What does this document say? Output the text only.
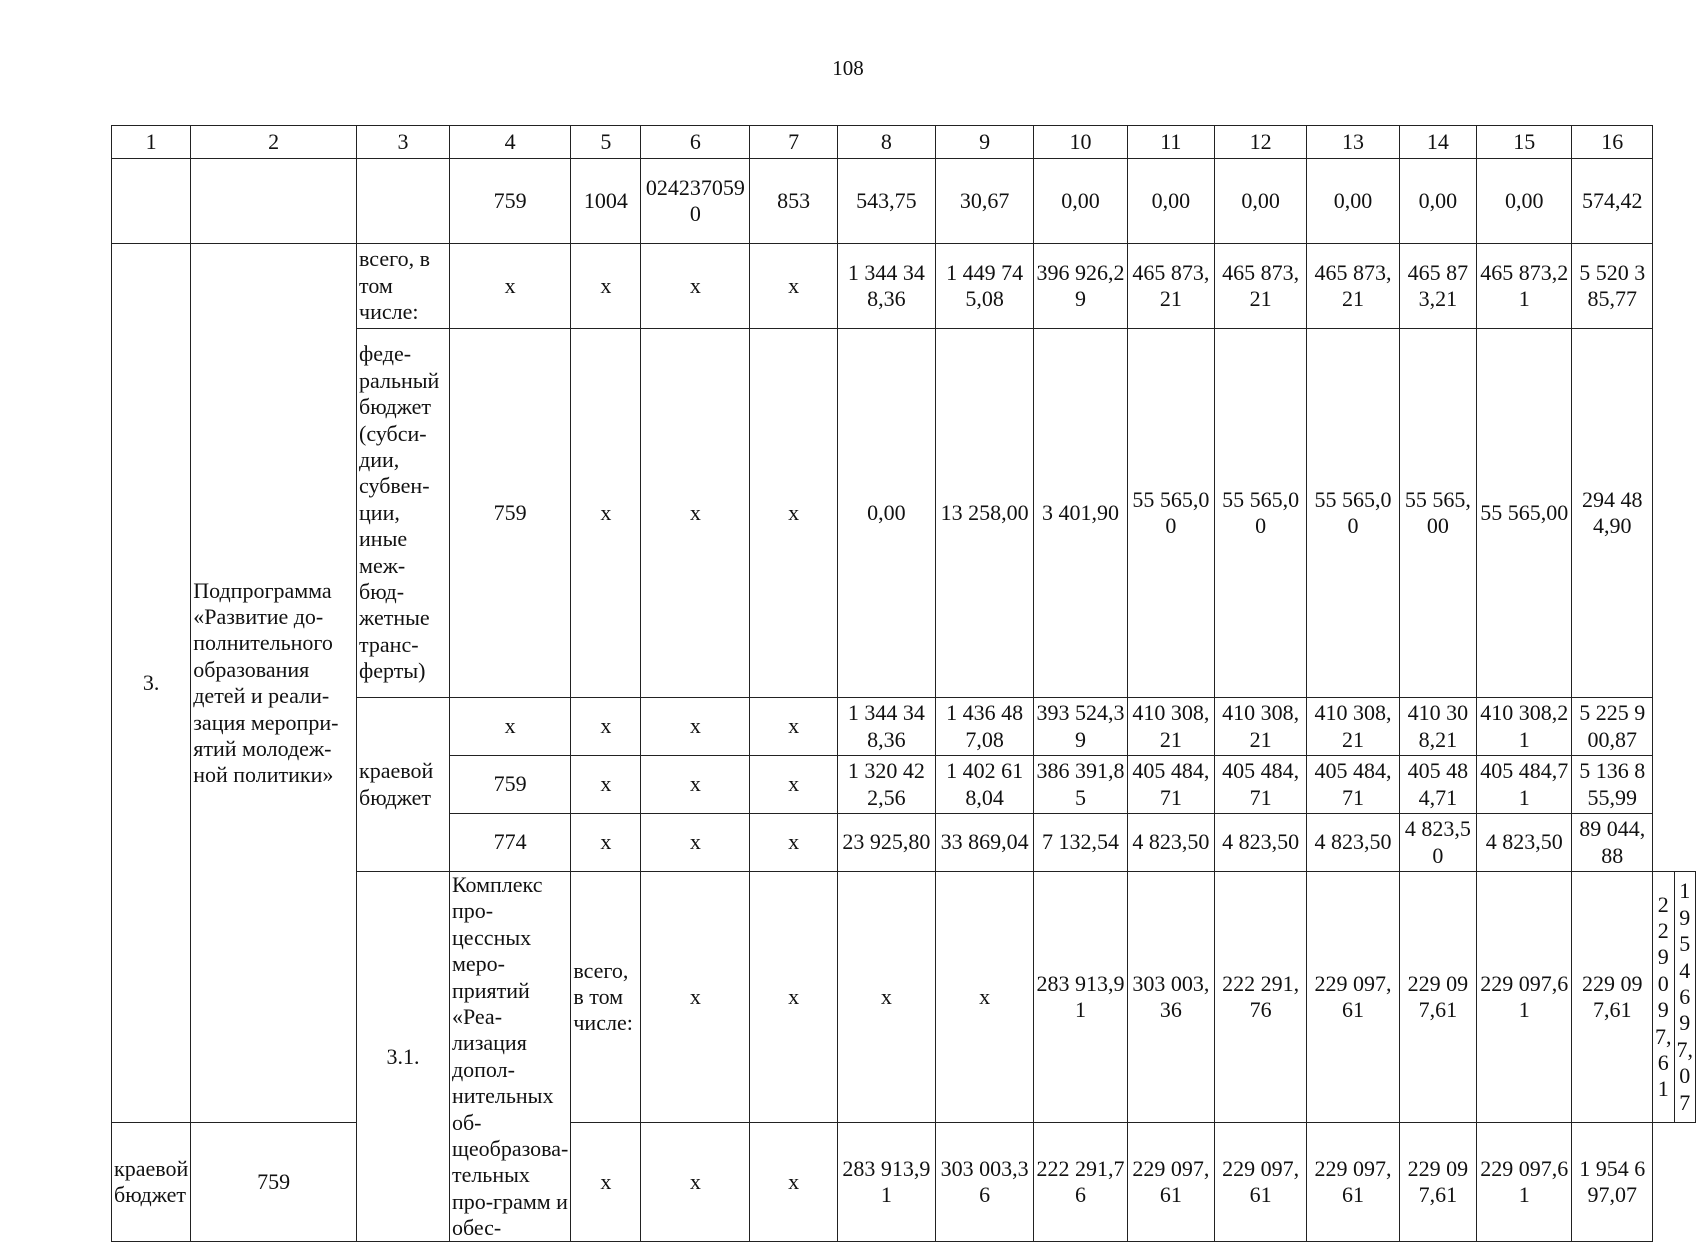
108
1	2	3	4	5	6	7	8	9	10	11	12	13	14	15	16		
			759	1004	0242370590	853	543,75	30,67	0,00	0,00	0,00	0,00	0,00	0,00	574,42		
3.	Подпрограмма «Развитие до-полнительного образования детей и реали-зация меропри-ятий молодеж-ной политики»	всего, в том числе:	x	x	x	x	1 344 348,36	1 449 745,08	396 926,29	465 873,21	465 873,21	465 873,21	465 873,21	465 873,21	5 520 385,77		
		феде-ральный бюджет (субси-дии, субвен-ции, иные меж-бюд-жетные транс-ферты)	759	x	x	x	0,00	13 258,00	3 401,90	55 565,00	55 565,00	55 565,00	55 565,00	55 565,00	294 484,90		
		краевой бюджет	x	x	x	x	1 344 348,36	1 436 487,08	393 524,39	410 308,21	410 308,21	410 308,21	410 308,21	410 308,21	5 225 900,87		
			759	x	x	x	1 320 422,56	1 402 618,04	386 391,85	405 484,71	405 484,71	405 484,71	405 484,71	405 484,71	5 136 855,99		
			774	x	x	x	23 925,80	33 869,04	7 132,54	4 823,50	4 823,50	4 823,50	4 823,50	4 823,50	89 044,88		
		3.1.	Комплекс про-цессных меро-приятий «Реа-лизация допол-нительных об-щеобразова-тельных про-грамм и обес-	всего, в том числе:	x	x	x	x	283 913,91	303 003,36	222 291,76	229 097,61	229 097,61	229 097,61	229 097,61	229 097,61	1 954 697,07
краевой бюджет	759			x	x	x	283 913,91	303 003,36	222 291,76	229 097,61	229 097,61	229 097,61	229 097,61	229 097,61	1 954 697,07		
